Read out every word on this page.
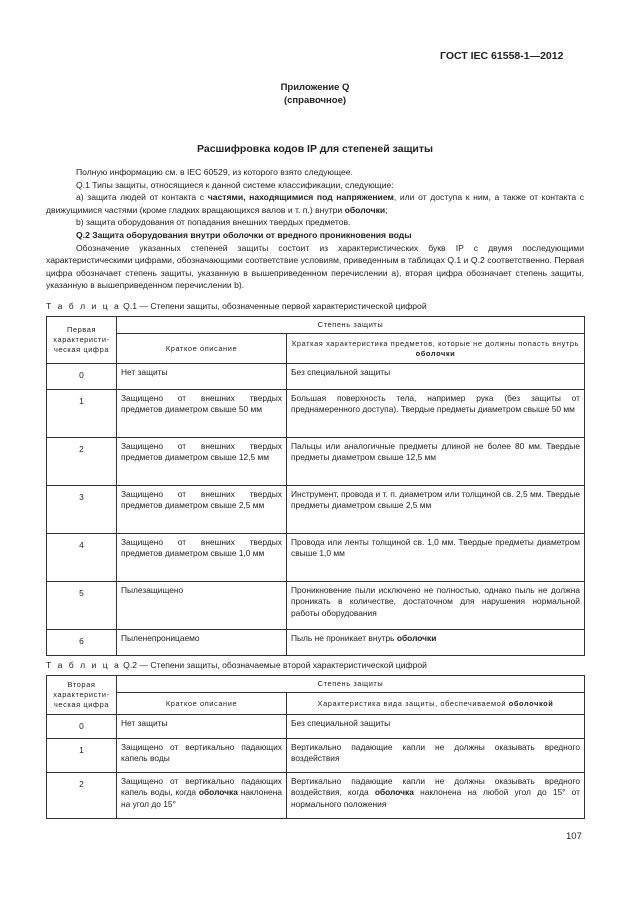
ГОСТ IEC 61558-1—2012
Приложение Q
(справочное)
Расшифровка кодов IP для степеней защиты

Полную информацию см. в IEC 60529, из которого взято следующее.

Q.1 Типы защиты, относящиеся к данной системе классификации, следующие:

а) защита людей от контакта с частями, находящимися под напряжением, или от доступа к ним, а также от контакта с движущимися частями (кроме гладких вращающихся валов и т. п.) внутри оболочки;

b) защита оборудования от попадания внешних твердых предметов.

Q.2 Защита оборудования внутри оболочки от вредного проникновения воды

Обозначение указанных степеней защиты состоит из характеристических букв IP с двумя последующими характеристическими цифрами, обозначающими соответствие условиям, приведенным в таблицах Q.1 и Q.2 соответственно. Первая цифра обозначает степень защиты, указанную в вышеприведенном перечислении а), вторая цифра обозначает степень защиты, указанную в вышеприведенном перечислении b).

Т а б л и ц а Q.1 — Степени защиты, обозначенные первой характеристической цифрой
Первая характеристи-ческая цифра	Степень защиты	
	Краткое описание	Краткая характеристика предметов, которые не должны попасть внутрь оболочки
0	Нет защиты	Без специальной защиты
1	Защищено от внешних твердых предметов диаметром свыше 50 мм	Большая поверхность тела, например рука (без защиты от преднамеренного доступа). Твердые предметы диаметром свыше 50 мм
2	Защищено от внешних твердых предметов диаметром свыше 12,5 мм	Пальцы или аналогичные предметы длиной не более 80 мм. Твердые предметы диаметром свыше 12,5 мм
3	Защищено от внешних твердых предметов диаметром свыше 2,5 мм	Инструмент, провода и т. п. диаметром или толщиной св. 2,5 мм. Твердые предметы диаметром свыше 2,5 мм
4	Защищено от внешних твердых предметов диаметром свыше 1,0 мм	Провода или ленты толщиной св. 1,0 мм. Твердые предметы диаметром свыше 1,0 мм
5	Пылезащищено	Проникновение пыли исключено не полностью, однако пыль не должна проникать в количестве, достаточном для нарушения нормальной работы оборудования
6	Пыленепроницаемо	Пыль не проникает внутрь оболочки
Т а б л и ц а Q.2 — Степени защиты, обозначаемые второй характеристической цифрой
Вторая характеристи-ческая цифра	Степень защиты	
	Краткое описание	Характеристика вида защиты, обеспечиваемой оболочкой
0	Нет защиты	Без специальной защиты
1	Защищено от вертикально падающих капель воды	Вертикально падающие капли не должны оказывать вредного воздействия
2	Защищено от вертикально падающих капель воды, когда оболочка наклонена на угол до 15°	Вертикально падающие капли не должны оказывать вредного воздействия, когда оболочка наклонена на любой угол до 15° от нормального положения
107
